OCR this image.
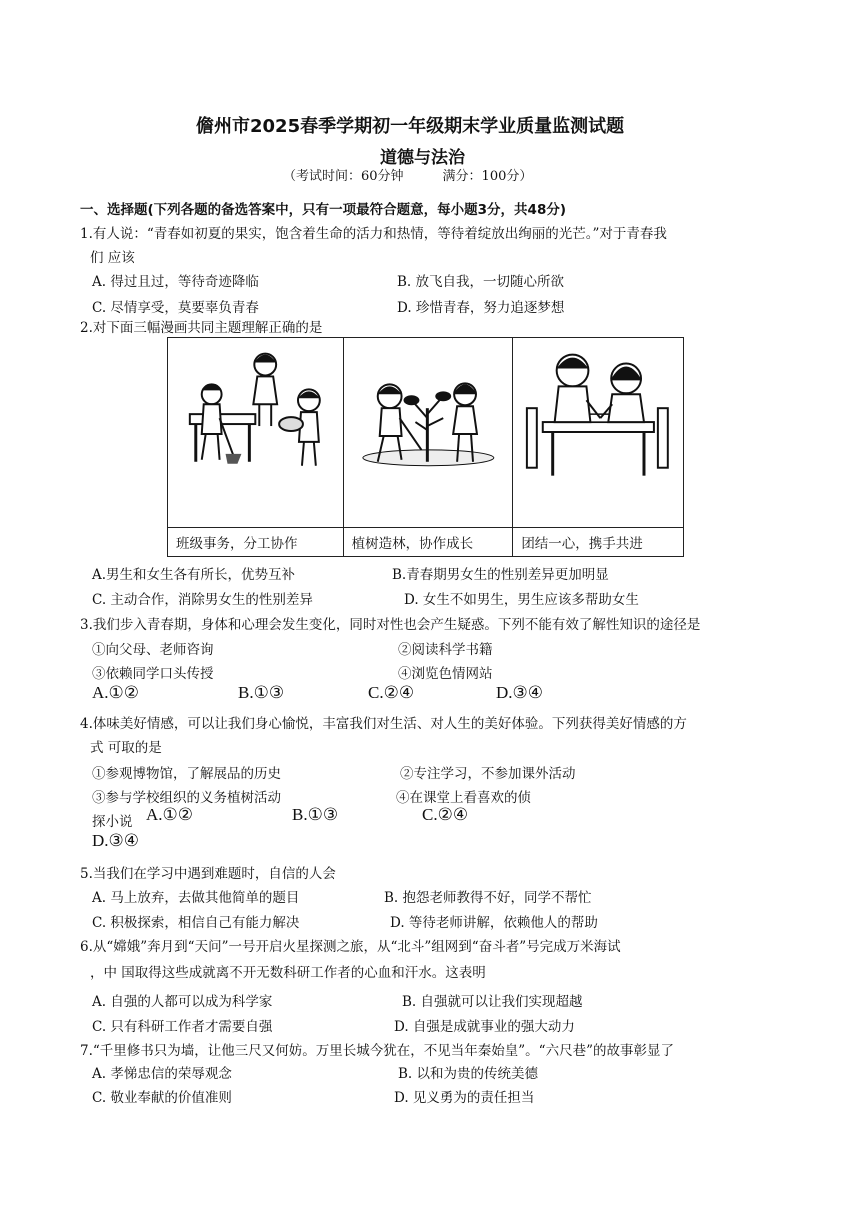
儋州市2025春季学期初一年级期末学业质量监测试题
道德与法治
（考试时间：60分钟　　　满分：100分）
一、选择题(下列各题的备选答案中，只有一项最符合题意，每小题3分，共48分)
1.有人说：“青春如初夏的果实，饱含着生命的活力和热情，等待着绽放出绚丽的光芒。”对于青春我
们 应该
A. 得过且过，等待奇迹降临	B. 放飞自我，一切随心所欲
C. 尽情享受，莫要辜负青春	D. 珍惜青春，努力追逐梦想
2.对下面三幅漫画共同主题理解正确的是

班级事务，分工协作	植树造林，协作成长	团结一心，携手共进
A.男生和女生各有所长，优势互补	B.青春期男女生的性别差异更加明显
C. 主动合作，消除男女生的性别差异	D. 女生不如男生，男生应该多帮助女生
3.我们步入青春期，身体和心理会发生变化，同时对性也会产生疑惑。下列不能有效了解性知识的途径是
①向父母、老师咨询	②阅读科学书籍
③依赖同学口头传授	④浏览色情网站
A.①②	B.①③	C.②④	D.③④
4.体味美好情感，可以让我们身心愉悦，丰富我们对生活、对人生的美好体验。下列获得美好情感的方
式 可取的是
①参观博物馆，了解展品的历史	②专注学习，不参加课外活动
③参与学校组织的义务植树活动	④在课堂上看喜欢的侦
探小说 A.①②	B.①③	C.②④
D.③④
5.当我们在学习中遇到难题时，自信的人会
A. 马上放弃，去做其他简单的题目	B. 抱怨老师教得不好，同学不帮忙
C. 积极探索，相信自己有能力解决	D. 等待老师讲解，依赖他人的帮助
6.从“嫦娥”奔月到“天问”一号开启火星探测之旅，从“北斗”组网到“奋斗者”号完成万米海试
，中 国取得这些成就离不开无数科研工作者的心血和汗水。这表明
A. 自强的人都可以成为科学家	B. 自强就可以让我们实现超越
C. 只有科研工作者才需要自强	D. 自强是成就事业的强大动力
7.“千里修书只为墙，让他三尺又何妨。万里长城今犹在，不见当年秦始皇”。“六尺巷”的故事彰显了
A. 孝悌忠信的荣辱观念	B. 以和为贵的传统美德
C. 敬业奉献的价值准则	D. 见义勇为的责任担当
